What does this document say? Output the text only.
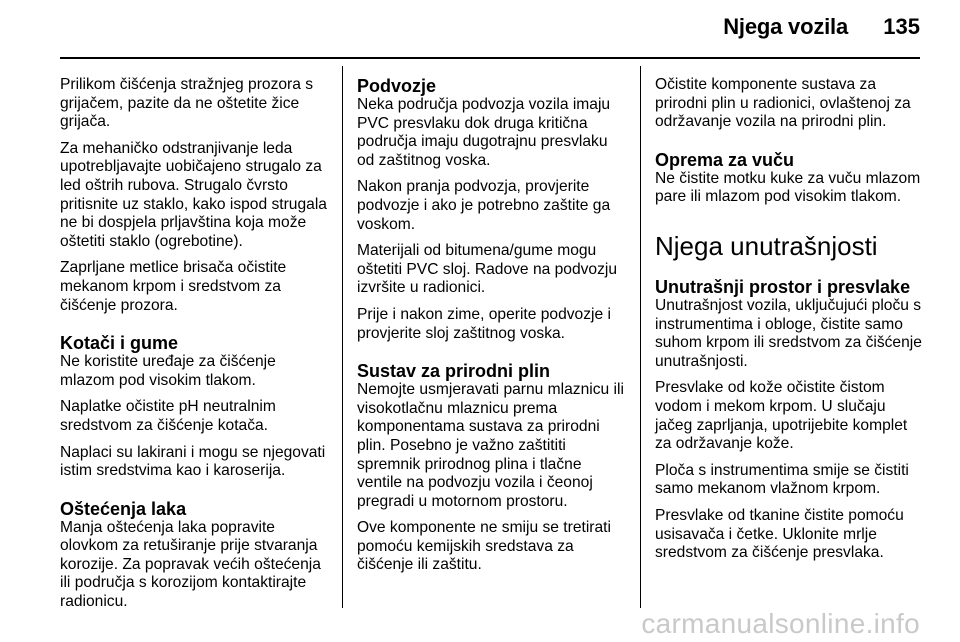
Njega vozila 135

Prilikom čišćenja stražnjeg prozora s grijačem, pazite da ne oštetite žice grijača.

Za mehaničko odstranjivanje leda upotrebljavajte uobičajeno strugalo za led oštrih rubova. Strugalo čvrsto pritisnite uz staklo, kako ispod strugala ne bi dospjela prljavština koja može oštetiti staklo (ogrebotine).

Zaprljane metlice brisača očistite mekanom krpom i sredstvom za čišćenje prozora.

Kotači i gume

Ne koristite uređaje za čišćenje mlazom pod visokim tlakom.

Naplatke očistite pH neutralnim sredstvom za čišćenje kotača.

Naplaci su lakirani i mogu se njegovati istim sredstvima kao i karoserija.

Oštećenja laka

Manja oštećenja laka popravite olovkom za retuširanje prije stvaranja korozije. Za popravak većih oštećenja ili područja s korozijom kontaktirajte radionicu.

Podvozje

Neka područja podvozja vozila imaju PVC presvlaku dok druga kritična područja imaju dugotrajnu presvlaku od zaštitnog voska.

Nakon pranja podvozja, provjerite podvozje i ako je potrebno zaštite ga voskom.

Materijali od bitumena/gume mogu oštetiti PVC sloj. Radove na podvozju izvršite u radionici.

Prije i nakon zime, operite podvozje i provjerite sloj zaštitnog voska.

Sustav za prirodni plin

Nemojte usmjeravati parnu mlaznicu ili visokotlačnu mlaznicu prema komponentama sustava za prirodni plin. Posebno je važno zaštititi spremnik prirodnog plina i tlačne ventile na podvozju vozila i čeonoj pregradi u motornom prostoru.

Ove komponente ne smiju se tretirati pomoću kemijskih sredstava za čišćenje ili zaštitu.

Očistite komponente sustava za prirodni plin u radionici, ovlaštenoj za održavanje vozila na prirodni plin.

Oprema za vuču

Ne čistite motku kuke za vuču mlazom pare ili mlazom pod visokim tlakom.

Njega unutrašnjosti
Unutrašnji prostor i presvlake

Unutrašnjost vozila, uključujući ploču s instrumentima i obloge, čistite samo suhom krpom ili sredstvom za čišćenje unutrašnjosti.

Presvlake od kože očistite čistom vodom i mekom krpom. U slučaju jačeg zaprljanja, upotrijebite komplet za održavanje kože.

Ploča s instrumentima smije se čistiti samo mekanom vlažnom krpom.

Presvlake od tkanine čistite pomoću usisavača i četke. Uklonite mrlje sredstvom za čišćenje presvlaka.

carmanualsonline.info
